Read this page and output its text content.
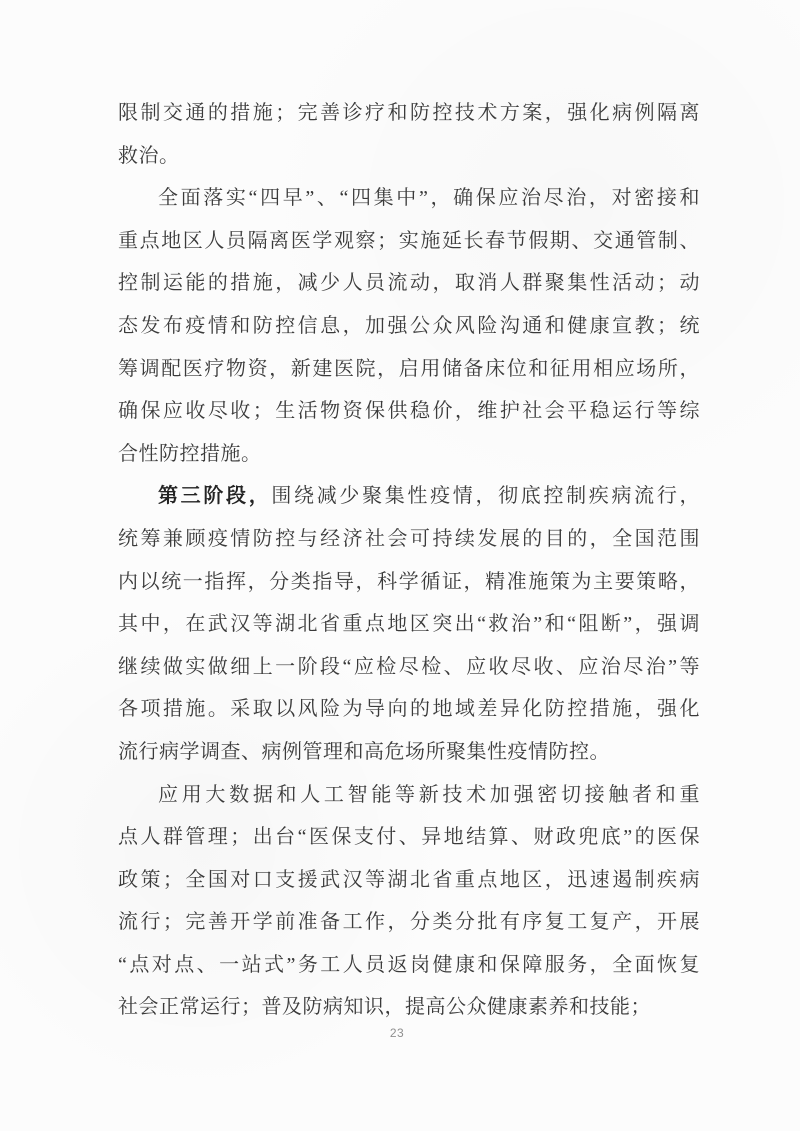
限制交通的措施；完善诊疗和防控技术方案，强化病例隔离

救治。

全面落实“四早”、“四集中”，确保应治尽治，对密接和

重点地区人员隔离医学观察；实施延长春节假期、交通管制、

控制运能的措施，减少人员流动，取消人群聚集性活动；动

态发布疫情和防控信息，加强公众风险沟通和健康宣教；统

筹调配医疗物资，新建医院，启用储备床位和征用相应场所，

确保应收尽收；生活物资保供稳价，维护社会平稳运行等综

合性防控措施。

第三阶段，围绕减少聚集性疫情，彻底控制疾病流行，

统筹兼顾疫情防控与经济社会可持续发展的目的，全国范围

内以统一指挥，分类指导，科学循证，精准施策为主要策略，

其中，在武汉等湖北省重点地区突出“救治”和“阻断”，强调

继续做实做细上一阶段“应检尽检、应收尽收、应治尽治”等

各项措施。采取以风险为导向的地域差异化防控措施，强化

流行病学调查、病例管理和高危场所聚集性疫情防控。

应用大数据和人工智能等新技术加强密切接触者和重

点人群管理；出台“医保支付、异地结算、财政兜底”的医保

政策；全国对口支援武汉等湖北省重点地区，迅速遏制疾病

流行；完善开学前准备工作，分类分批有序复工复产，开展

“点对点、一站式”务工人员返岗健康和保障服务，全面恢复

社会正常运行；普及防病知识，提高公众健康素养和技能；

23
